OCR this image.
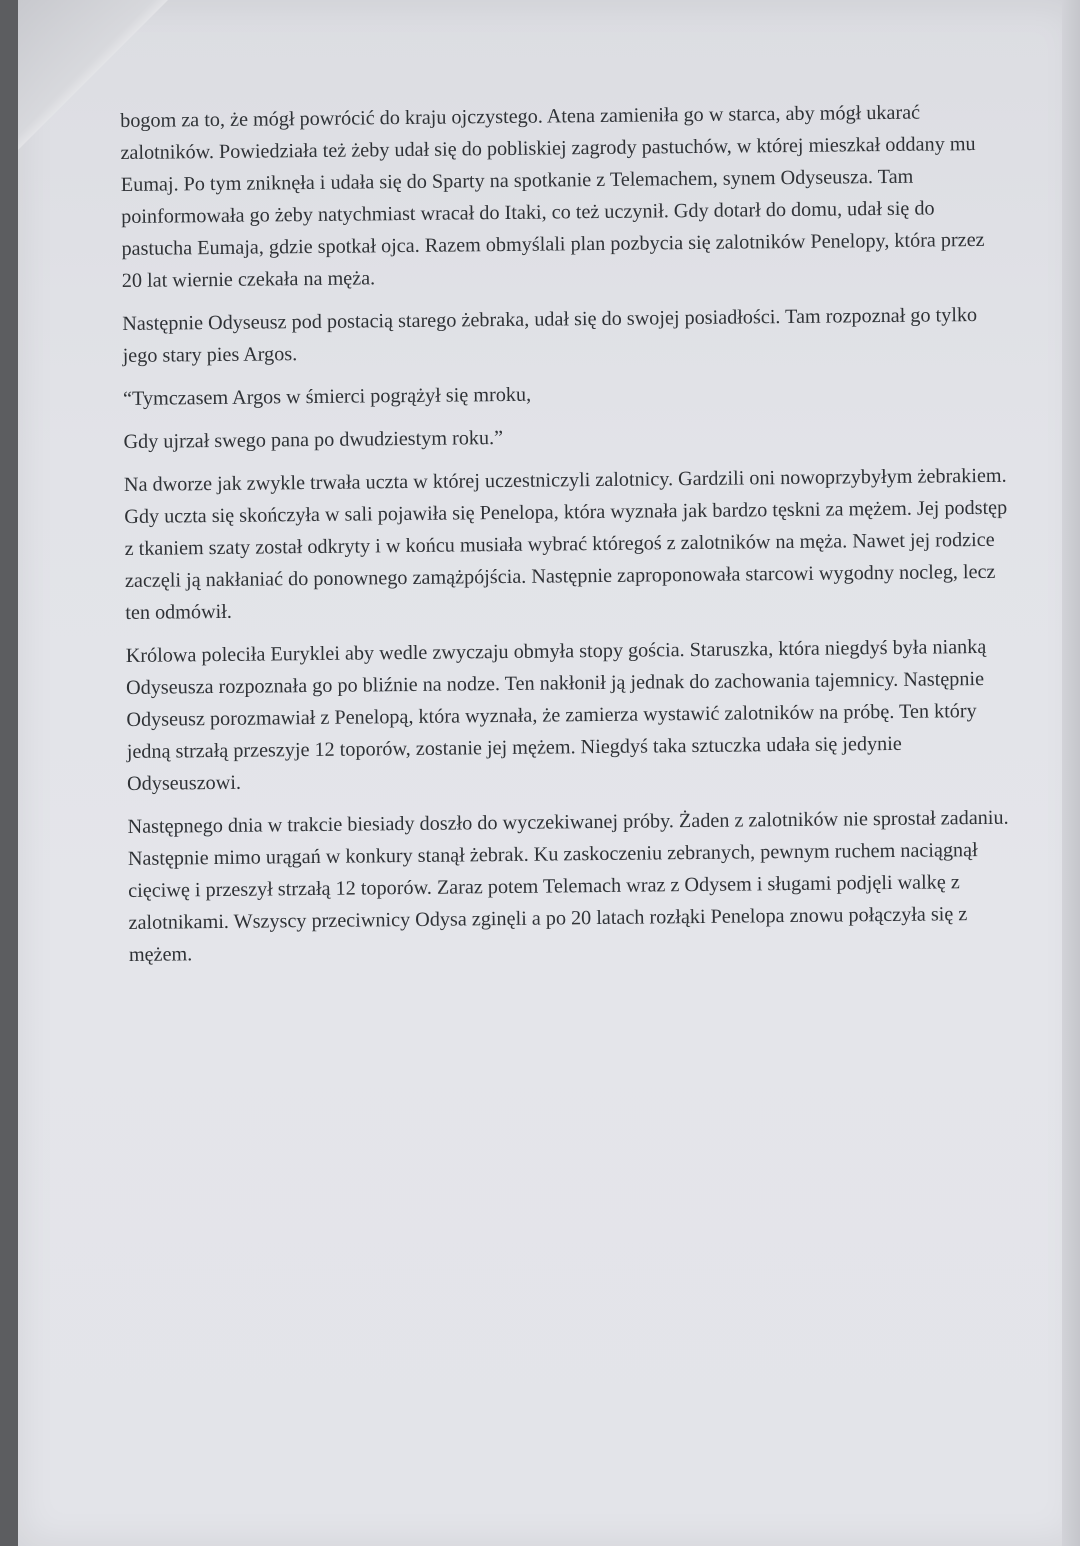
bogom za to, że mógł powrócić do kraju ojczystego. Atena zamieniła go w starca, aby mógł ukarać zalotników. Powiedziała też żeby udał się do pobliskiej zagrody pastuchów, w której mieszkał oddany mu Eumaj. Po tym zniknęła i udała się do Sparty na spotkanie z Telemachem, synem Odyseusza. Tam poinformowała go żeby natychmiast wracał do Itaki, co też uczynił. Gdy dotarł do domu, udał się do pastucha Eumaja, gdzie spotkał ojca. Razem obmyślali plan pozbycia się zalotników Penelopy, która przez 20 lat wiernie czekała na męża.

Następnie Odyseusz pod postacią starego żebraka, udał się do swojej posiadłości. Tam rozpoznał go tylko jego stary pies Argos.

“Tymczasem Argos w śmierci pogrążył się mroku,

Gdy ujrzał swego pana po dwudziestym roku.”

Na dworze jak zwykle trwała uczta w której uczestniczyli zalotnicy. Gardzili oni nowoprzybyłym żebrakiem. Gdy uczta się skończyła w sali pojawiła się Penelopa, która wyznała jak bardzo tęskni za mężem. Jej podstęp z tkaniem szaty został odkryty i w końcu musiała wybrać któregoś z zalotników na męża. Nawet jej rodzice zaczęli ją nakłaniać do ponownego zamążpójścia. Następnie zaproponowała starcowi wygodny nocleg, lecz ten odmówił.

Królowa poleciła Euryklei aby wedle zwyczaju obmyła stopy gościa. Staruszka, która niegdyś była nianką Odyseusza rozpoznała go po bliźnie na nodze. Ten nakłonił ją jednak do zachowania tajemnicy. Następnie Odyseusz porozmawiał z Penelopą, która wyznała, że zamierza wystawić zalotników na próbę. Ten który jedną strzałą przeszyje 12 toporów, zostanie jej mężem. Niegdyś taka sztuczka udała się jedynie Odyseuszowi.

Następnego dnia w trakcie biesiady doszło do wyczekiwanej próby. Żaden z zalotników nie sprostał zadaniu. Następnie mimo urągań w konkury stanął żebrak. Ku zaskoczeniu zebranych, pewnym ruchem naciągnął cięciwę i przeszył strzałą 12 toporów. Zaraz potem Telemach wraz z Odysem i sługami podjęli walkę z zalotnikami. Wszyscy przeciwnicy Odysa zginęli a po 20 latach rozłąki Penelopa znowu połączyła się z mężem.
